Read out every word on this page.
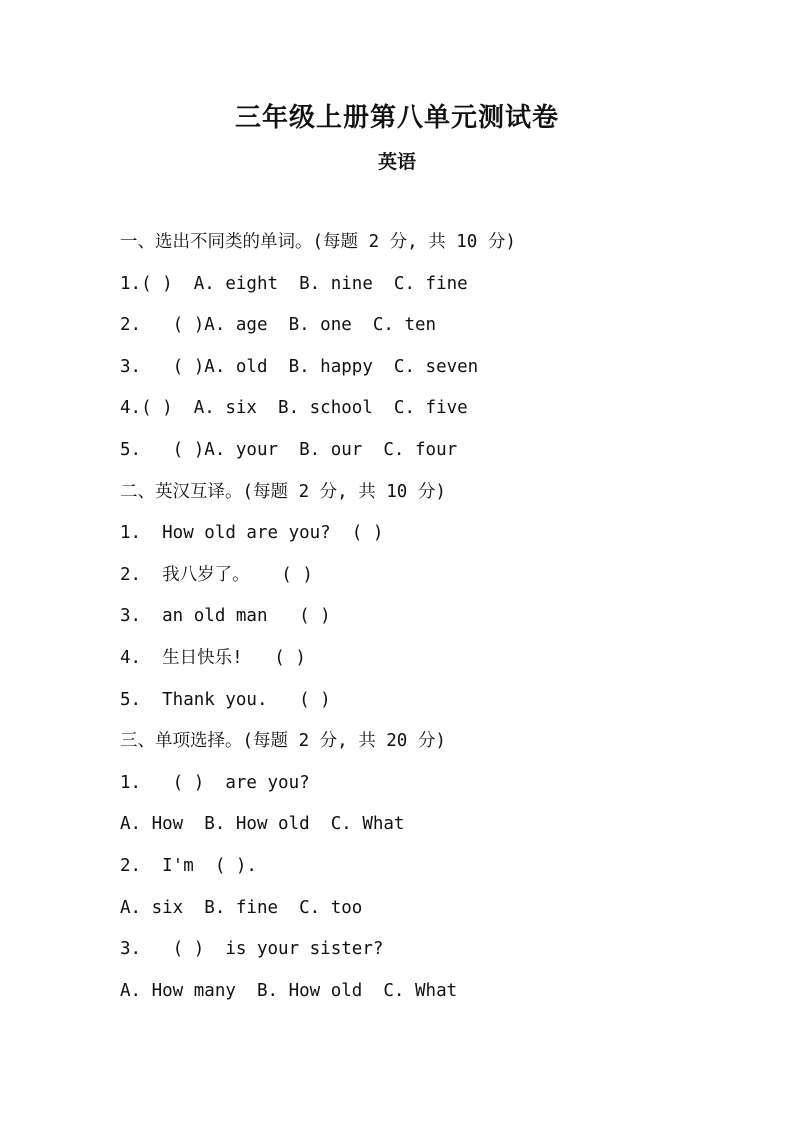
三年级上册第八单元测试卷
英语
一、选出不同类的单词。(每题 2 分, 共 10 分)
1.( )  A. eight  B. nine  C. fine
2.   ( )A. age  B. one  C. ten
3.   ( )A. old  B. happy  C. seven
4.( )  A. six  B. school  C. five
5.   ( )A. your  B. our  C. four
二、英汉互译。(每题 2 分, 共 10 分)
1.  How old are you?  ( )
2.  我八岁了。   ( )
3.  an old man   ( )
4.  生日快乐!   ( )
5.  Thank you.   ( )
三、单项选择。(每题 2 分, 共 20 分)
1.   ( )  are you?
A. How  B. How old  C. What
2.  I'm  ( ).
A. six  B. fine  C. too
3.   ( )  is your sister?
A. How many  B. How old  C. What
